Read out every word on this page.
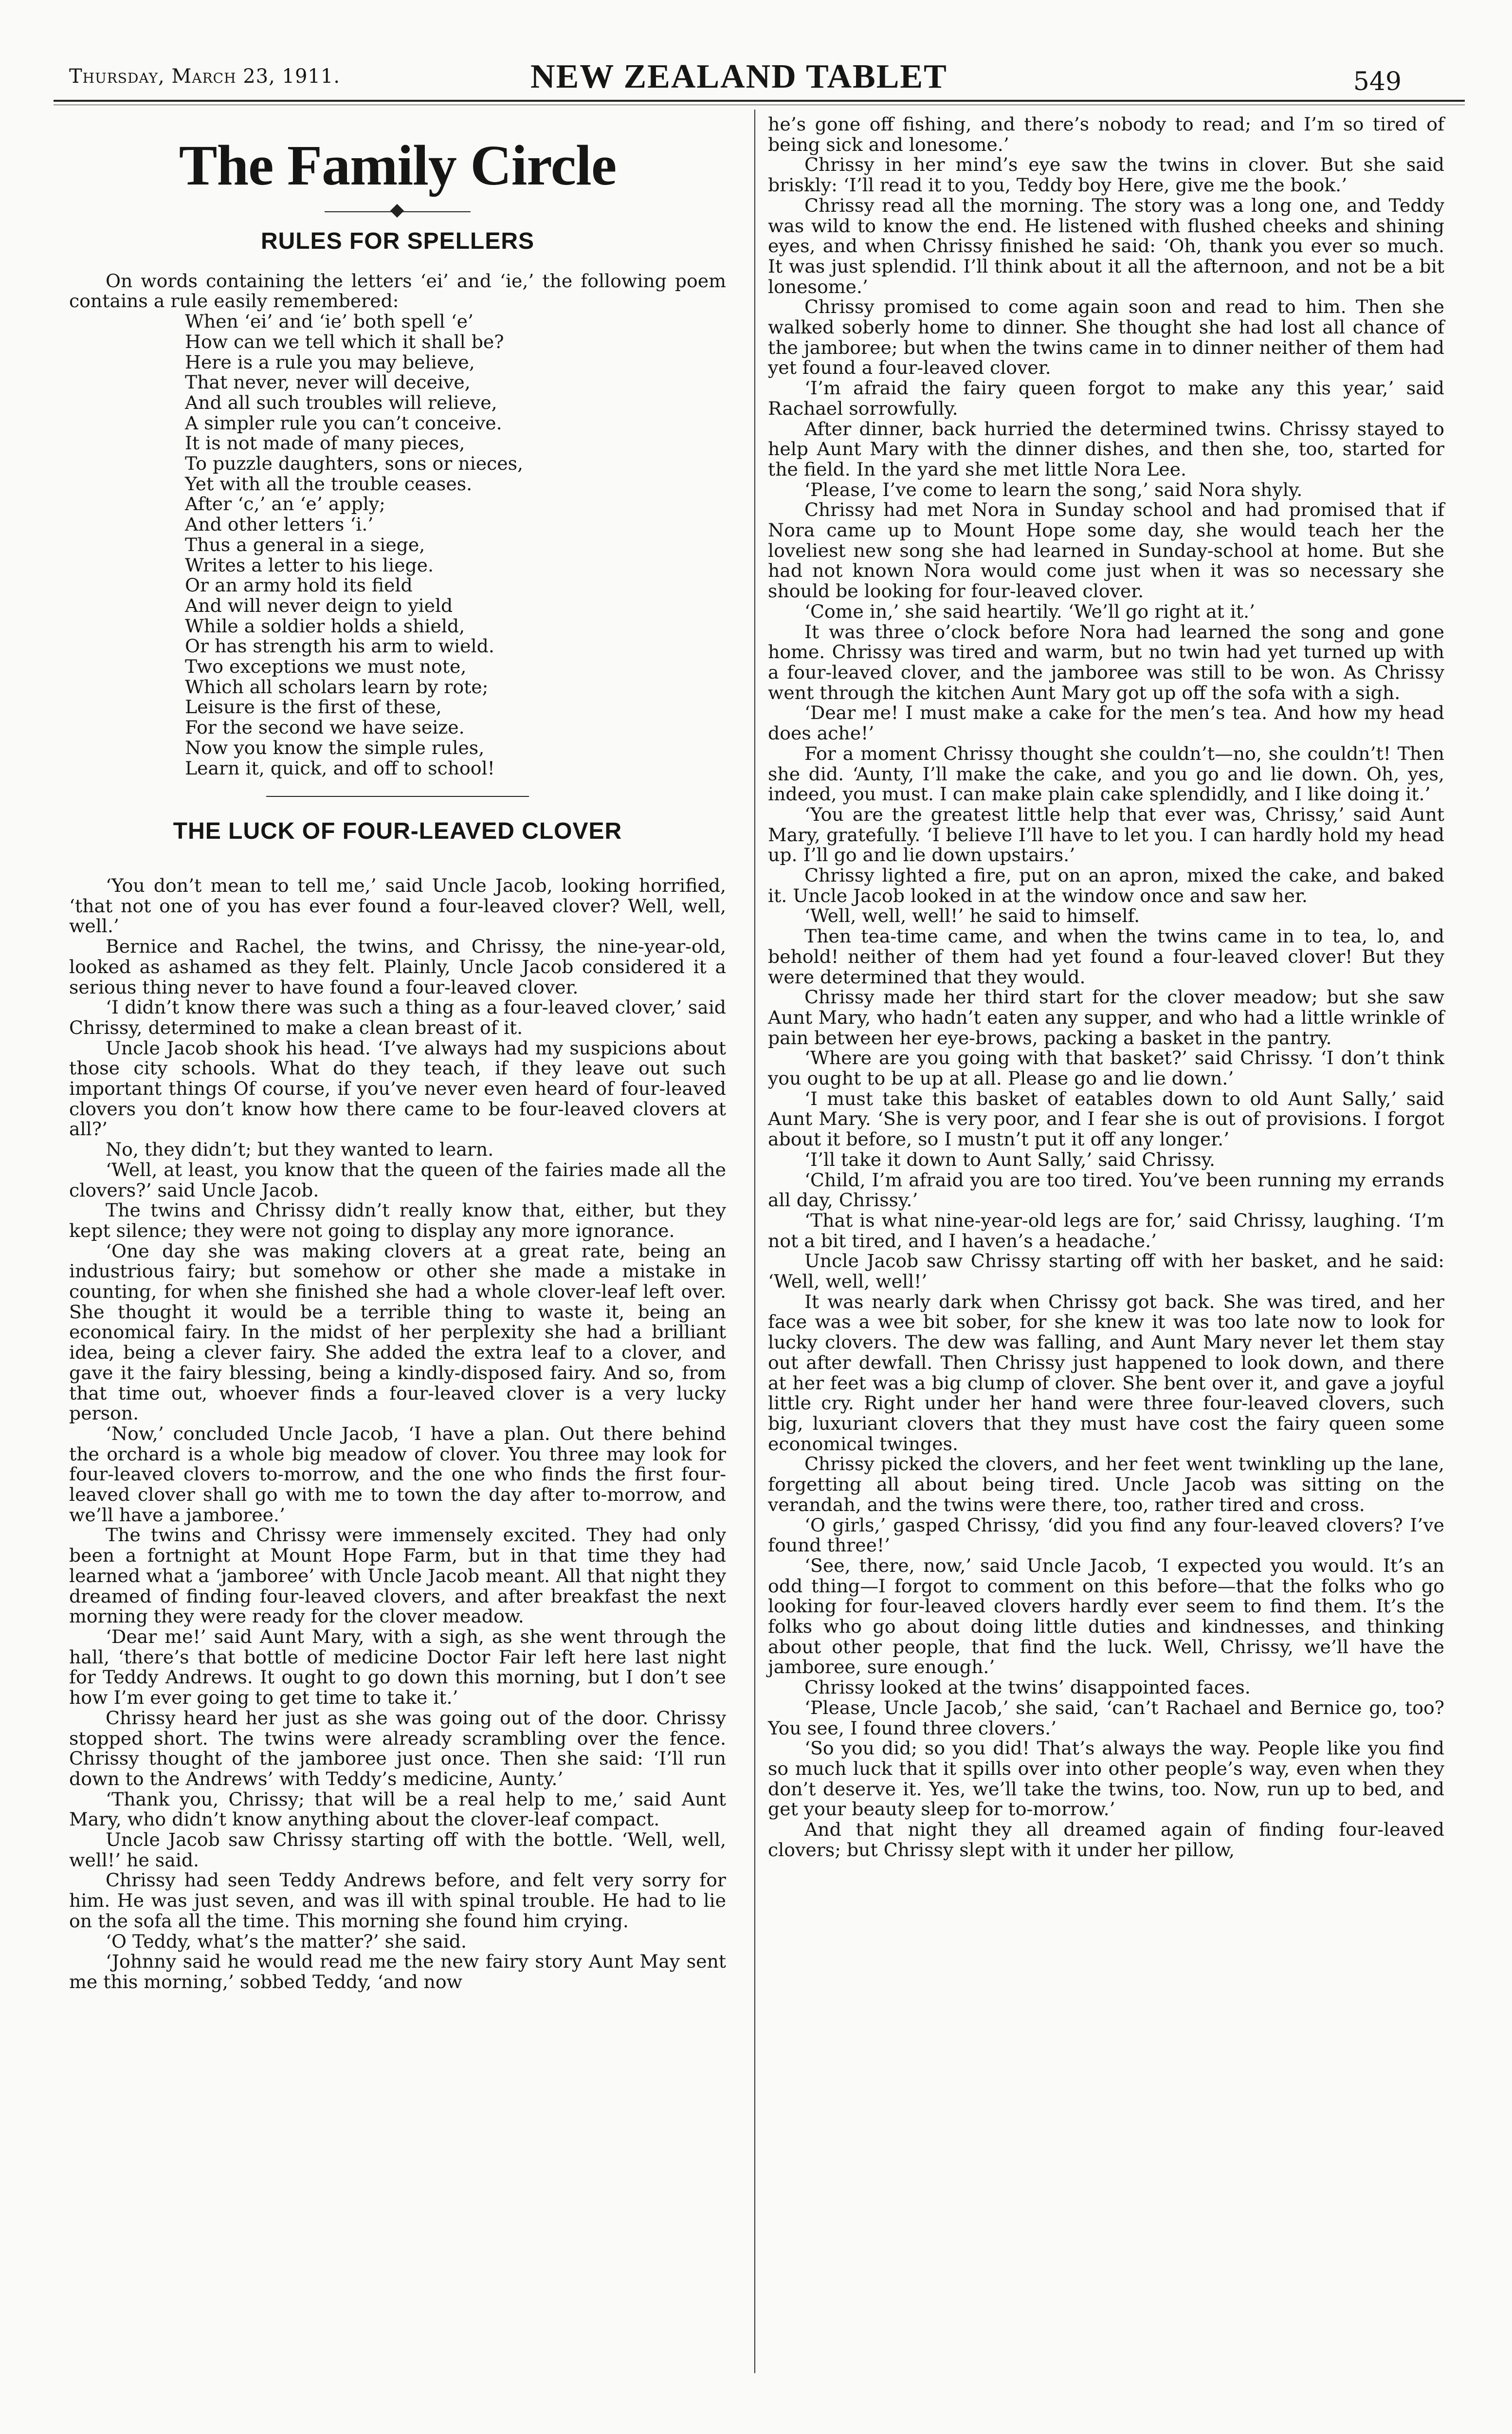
Thursday, March 23, 1911.	NEW ZEALAND TABLET	549
The Family Circle
RULES FOR SPELLERS

On words containing the letters ‘ei’ and ‘ie,’ the following poem contains a rule easily remembered:

When ‘ei’ and ‘ie’ both spell ‘e’
How can we tell which it shall be?
Here is a rule you may believe,
That never, never will deceive,
And all such troubles will relieve,
A simpler rule you can’t conceive.
It is not made of many pieces,
To puzzle daughters, sons or nieces,
Yet with all the trouble ceases.
After ‘c,’ an ‘e’ apply;
And other letters ‘i.’
Thus a general in a siege,
Writes a letter to his liege.
Or an army hold its field
And will never deign to yield
While a soldier holds a shield,
Or has strength his arm to wield.
Two exceptions we must note,
Which all scholars learn by rote;
Leisure is the first of these,
For the second we have seize.
Now you know the simple rules,
Learn it, quick, and off to school!
THE LUCK OF FOUR-LEAVED CLOVER

‘You don’t mean to tell me,’ said Uncle Jacob, looking horrified, ‘that not one of you has ever found a four-leaved clover? Well, well, well.’

Bernice and Rachel, the twins, and Chrissy, the nine-year-old, looked as ashamed as they felt. Plainly, Uncle Jacob considered it a serious thing never to have found a four-leaved clover.

‘I didn’t know there was such a thing as a four-leaved clover,’ said Chrissy, determined to make a clean breast of it.

Uncle Jacob shook his head. ‘I’ve always had my suspicions about those city schools. What do they teach, if they leave out such important things Of course, if you’ve never even heard of four-leaved clovers you don’t know how there came to be four-leaved clovers at all?’

No, they didn’t; but they wanted to learn.

‘Well, at least, you know that the queen of the fairies made all the clovers?’ said Uncle Jacob.

The twins and Chrissy didn’t really know that, either, but they kept silence; they were not going to display any more ignorance.

‘One day she was making clovers at a great rate, being an industrious fairy; but somehow or other she made a mistake in counting, for when she finished she had a whole clover-leaf left over. She thought it would be a terrible thing to waste it, being an economical fairy. In the midst of her perplexity she had a brilliant idea, being a clever fairy. She added the extra leaf to a clover, and gave it the fairy blessing, being a kindly-disposed fairy. And so, from that time out, whoever finds a four-leaved clover is a very lucky person.

‘Now,’ concluded Uncle Jacob, ‘I have a plan. Out there behind the orchard is a whole big meadow of clover. You three may look for four-leaved clovers to-morrow, and the one who finds the first four-leaved clover shall go with me to town the day after to-morrow, and we’ll have a jamboree.’

The twins and Chrissy were immensely excited. They had only been a fortnight at Mount Hope Farm, but in that time they had learned what a ‘jamboree’ with Uncle Jacob meant. All that night they dreamed of finding four-leaved clovers, and after breakfast the next morning they were ready for the clover meadow.

‘Dear me!’ said Aunt Mary, with a sigh, as she went through the hall, ‘there’s that bottle of medicine Doctor Fair left here last night for Teddy Andrews. It ought to go down this morning, but I don’t see how I’m ever going to get time to take it.’

Chrissy heard her just as she was going out of the door. Chrissy stopped short. The twins were already scrambling over the fence. Chrissy thought of the jamboree just once. Then she said: ‘I’ll run down to the Andrews’ with Teddy’s medicine, Aunty.’

‘Thank you, Chrissy; that will be a real help to me,’ said Aunt Mary, who didn’t know anything about the clover-leaf compact.

Uncle Jacob saw Chrissy starting off with the bottle. ‘Well, well, well!’ he said.

Chrissy had seen Teddy Andrews before, and felt very sorry for him. He was just seven, and was ill with spinal trouble. He had to lie on the sofa all the time. This morning she found him crying.

‘O Teddy, what’s the matter?’ she said.

‘Johnny said he would read me the new fairy story Aunt May sent me this morning,’ sobbed Teddy, ‘and now

he’s gone off fishing, and there’s nobody to read; and I’m so tired of being sick and lonesome.’

Chrissy in her mind’s eye saw the twins in clover. But she said briskly: ‘I’ll read it to you, Teddy boy Here, give me the book.’

Chrissy read all the morning. The story was a long one, and Teddy was wild to know the end. He listened with flushed cheeks and shining eyes, and when Chrissy finished he said: ‘Oh, thank you ever so much. It was just splendid. I’ll think about it all the afternoon, and not be a bit lonesome.’

Chrissy promised to come again soon and read to him. Then she walked soberly home to dinner. She thought she had lost all chance of the jamboree; but when the twins came in to dinner neither of them had yet found a four-leaved clover.

‘I’m afraid the fairy queen forgot to make any this year,’ said Rachael sorrowfully.

After dinner, back hurried the determined twins. Chrissy stayed to help Aunt Mary with the dinner dishes, and then she, too, started for the field. In the yard she met little Nora Lee.

‘Please, I’ve come to learn the song,’ said Nora shyly.

Chrissy had met Nora in Sunday school and had promised that if Nora came up to Mount Hope some day, she would teach her the loveliest new song she had learned in Sunday-school at home. But she had not known Nora would come just when it was so necessary she should be looking for four-leaved clover.

‘Come in,’ she said heartily. ‘We’ll go right at it.’

It was three o’clock before Nora had learned the song and gone home. Chrissy was tired and warm, but no twin had yet turned up with a four-leaved clover, and the jamboree was still to be won. As Chrissy went through the kitchen Aunt Mary got up off the sofa with a sigh.

‘Dear me! I must make a cake for the men’s tea. And how my head does ache!’

For a moment Chrissy thought she couldn’t—no, she couldn’t! Then she did. ‘Aunty, I’ll make the cake, and you go and lie down. Oh, yes, indeed, you must. I can make plain cake splendidly, and I like doing it.’

‘You are the greatest little help that ever was, Chrissy,’ said Aunt Mary, gratefully. ‘I believe I’ll have to let you. I can hardly hold my head up. I’ll go and lie down upstairs.’

Chrissy lighted a fire, put on an apron, mixed the cake, and baked it. Uncle Jacob looked in at the window once and saw her.

‘Well, well, well!’ he said to himself.

Then tea-time came, and when the twins came in to tea, lo, and behold! neither of them had yet found a four-leaved clover! But they were determined that they would.

Chrissy made her third start for the clover meadow; but she saw Aunt Mary, who hadn’t eaten any supper, and who had a little wrinkle of pain between her eye-brows, packing a basket in the pantry.

‘Where are you going with that basket?’ said Chrissy. ‘I don’t think you ought to be up at all. Please go and lie down.’

‘I must take this basket of eatables down to old Aunt Sally,’ said Aunt Mary. ‘She is very poor, and I fear she is out of provisions. I forgot about it before, so I mustn’t put it off any longer.’

‘I’ll take it down to Aunt Sally,’ said Chrissy.

‘Child, I’m afraid you are too tired. You’ve been running my errands all day, Chrissy.’

‘That is what nine-year-old legs are for,’ said Chrissy, laughing. ‘I’m not a bit tired, and I haven’s a headache.’

Uncle Jacob saw Chrissy starting off with her basket, and he said: ‘Well, well, well!’

It was nearly dark when Chrissy got back. She was tired, and her face was a wee bit sober, for she knew it was too late now to look for lucky clovers. The dew was falling, and Aunt Mary never let them stay out after dewfall. Then Chrissy just happened to look down, and there at her feet was a big clump of clover. She bent over it, and gave a joyful little cry. Right under her hand were three four-leaved clovers, such big, luxuriant clovers that they must have cost the fairy queen some economical twinges.

Chrissy picked the clovers, and her feet went twinkling up the lane, forgetting all about being tired. Uncle Jacob was sitting on the verandah, and the twins were there, too, rather tired and cross.

‘O girls,’ gasped Chrissy, ‘did you find any four-leaved clovers? I’ve found three!’

‘See, there, now,’ said Uncle Jacob, ‘I expected you would. It’s an odd thing—I forgot to comment on this before—that the folks who go looking for four-leaved clovers hardly ever seem to find them. It’s the folks who go about doing little duties and kindnesses, and thinking about other people, that find the luck. Well, Chrissy, we’ll have the jamboree, sure enough.’

Chrissy looked at the twins’ disappointed faces.

‘Please, Uncle Jacob,’ she said, ‘can’t Rachael and Bernice go, too? You see, I found three clovers.’

‘So you did; so you did! That’s always the way. People like you find so much luck that it spills over into other people’s way, even when they don’t deserve it. Yes, we’ll take the twins, too. Now, run up to bed, and get your beauty sleep for to-morrow.’

And that night they all dreamed again of finding four-leaved clovers; but Chrissy slept with it under her pillow,
